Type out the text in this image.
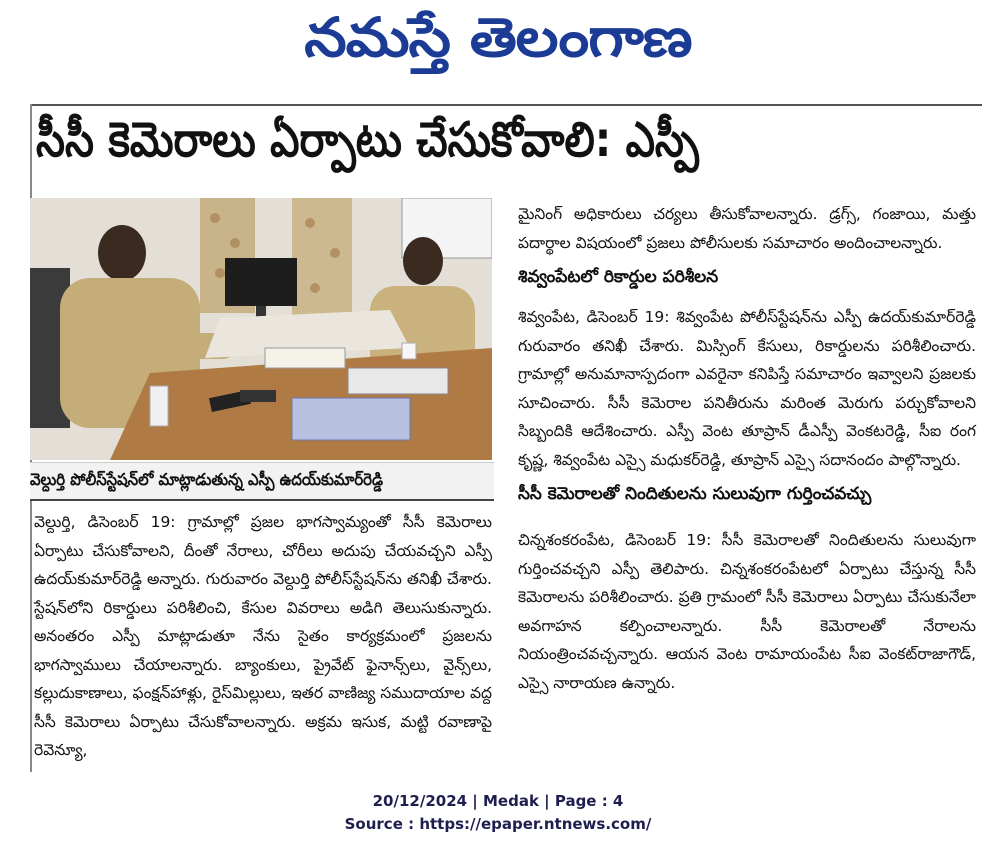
నమస్తే తెలంగాణ
సీసీ కెమెరాలు ఏర్పాటు చేసుకోవాలి: ఎస్పీ
వెల్దుర్తి పోలీస్‌స్టేషన్‌లో మాట్లాడుతున్న ఎస్పీ ఉదయ్‌కుమార్‌రెడ్డి

వెల్దుర్తి, డిసెంబర్‌ 19: గ్రామాల్లో ప్రజల భాగస్వామ్యంతో సీసీ కెమెరాలు ఏర్పాటు చేసుకోవాలని, దీంతో నేరాలు, చోరీలు అదుపు చేయవచ్చని ఎస్పీ ఉదయ్‌కుమార్‌రెడ్డి అన్నారు. గురువారం వెల్దుర్తి పోలీస్‌స్టేషన్‌ను తనిఖీ చేశారు. స్టేషన్‌లోని రికార్డులు పరిశీలించి, కేసుల వివరాలు అడిగి తెలుసుకున్నారు. అనంతరం ఎస్పీ మాట్లాడుతూ నేను సైతం కార్యక్రమంలో ప్రజలను భాగస్వాములు చేయాలన్నారు. బ్యాంకులు, ప్రైవేట్‌ ఫైనాన్స్‌లు, వైన్స్‌లు, కల్లుదుకాణాలు, ఫంక్షన్‌హాళ్లు, రైస్‌మిల్లులు, ఇతర వాణిజ్య సముదాయాల వద్ద సీసీ కెమెరాలు ఏర్పాటు చేసుకోవాలన్నారు. అక్రమ ఇసుక, మట్టి రవాణాపై రెవెన్యూ,

మైనింగ్‌ అధికారులు చర్యలు తీసుకోవాలన్నారు. డ్రగ్స్‌, గంజాయి, మత్తు పదార్థాల విషయంలో ప్రజలు పోలీసులకు సమాచారం అందించాలన్నారు.

శివ్వంపేటలో రికార్డుల పరిశీలన

శివ్వంపేట, డిసెంబర్‌ 19: శివ్వంపేట పోలీస్‌స్టేషన్‌ను ఎస్పీ ఉదయ్‌కుమార్‌రెడ్డి గురువారం తనిఖీ చేశారు. మిస్సింగ్‌ కేసులు, రికార్డులను పరిశీలించారు. గ్రామాల్లో అనుమానాస్పదంగా ఎవరైనా కనిపిస్తే సమాచారం ఇవ్వాలని ప్రజలకు సూచించారు. సీసీ కెమెరాల పనితీరును మరింత మెరుగు పర్చుకోవాలని సిబ్బందికి ఆదేశించారు. ఎస్పీ వెంట తూప్రాన్‌ డీఎస్పీ వెంకటరెడ్డి, సీఐ రంగ కృష్ణ, శివ్వంపేట ఎస్సై మధుకర్‌రెడ్డి, తూప్రాన్‌ ఎస్సై సదానందం పాల్గొన్నారు.

సీసీ కెమెరాలతో నిందితులను సులువుగా గుర్తించవచ్చు

చిన్నశంకరంపేట, డిసెంబర్‌ 19: సీసీ కెమెరాలతో నిందితులను సులువుగా గుర్తించవచ్చని ఎస్పీ తెలిపారు. చిన్నశంకరంపేటలో ఏర్పాటు చేస్తున్న సీసీ కెమెరాలను పరిశీలించారు. ప్రతి గ్రామంలో సీసీ కెమెరాలు ఏర్పాటు చేసుకునేలా అవగాహన కల్పించాలన్నారు. సీసీ కెమెరాలతో నేరాలను నియంత్రించవచ్చన్నారు. ఆయన వెంట రామాయంపేట సీఐ వెంకట్‌రాజాగౌడ్‌, ఎస్సై నారాయణ ఉన్నారు.

20/12/2024 | Medak | Page : 4
Source : https://epaper.ntnews.com/
